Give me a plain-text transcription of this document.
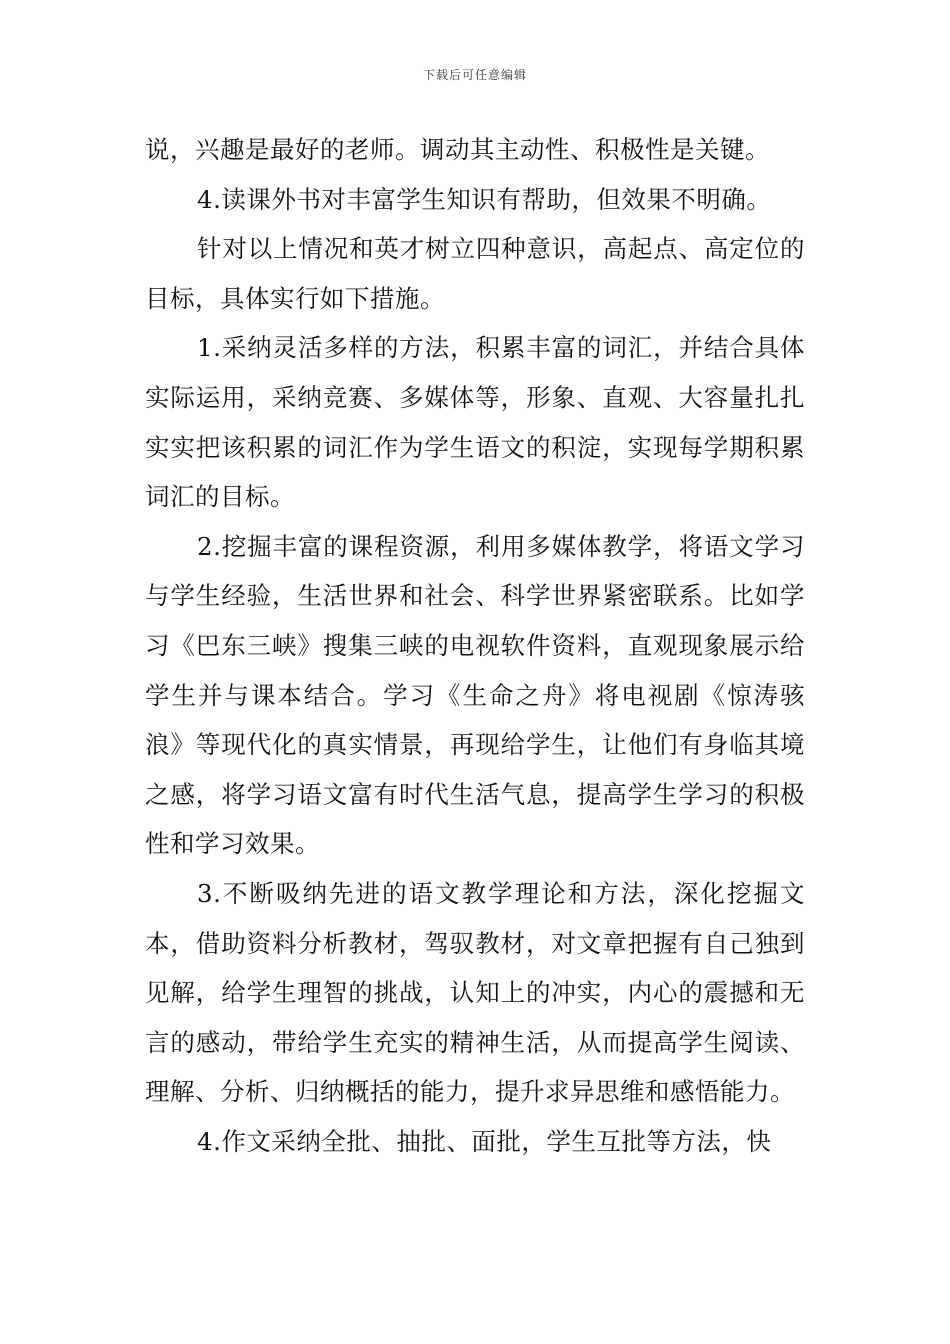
下载后可任意编辑

说，兴趣是最好的老师。调动其主动性、积极性是关键。

4.读课外书对丰富学生知识有帮助，但效果不明确。

针对以上情况和英才树立四种意识，高起点、高定位的目标，具体实行如下措施。

1.采纳灵活多样的方法，积累丰富的词汇，并结合具体实际运用，采纳竞赛、多媒体等，形象、直观、大容量扎扎实实把该积累的词汇作为学生语文的积淀，实现每学期积累词汇的目标。

2.挖掘丰富的课程资源，利用多媒体教学，将语文学习与学生经验，生活世界和社会、科学世界紧密联系。比如学习《巴东三峡》搜集三峡的电视软件资料，直观现象展示给学生并与课本结合。学习《生命之舟》将电视剧《惊涛骇浪》等现代化的真实情景，再现给学生，让他们有身临其境之感，将学习语文富有时代生活气息，提高学生学习的积极性和学习效果。

3.不断吸纳先进的语文教学理论和方法，深化挖掘文本，借助资料分析教材，驾驭教材，对文章把握有自己独到见解，给学生理智的挑战，认知上的冲实，内心的震撼和无言的感动，带给学生充实的精神生活，从而提高学生阅读、理解、分析、归纳概括的能力，提升求异思维和感悟能力。

4.作文采纳全批、抽批、面批，学生互批等方法，快
